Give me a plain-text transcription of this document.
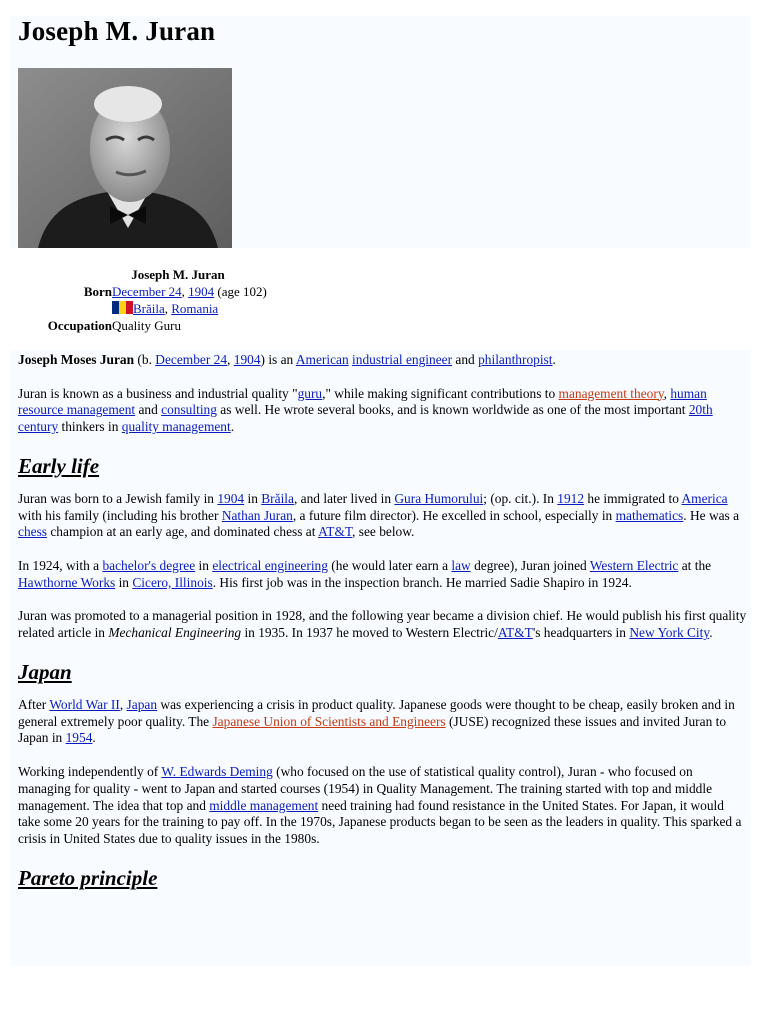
Joseph M. Juran
Joseph M. Juran
BornDecember 24, 1904 (age 102)
Brăila, Romania
OccupationQuality Guru

Joseph Moses Juran (b. December 24, 1904) is an American industrial engineer and philanthropist.

Juran is known as a business and industrial quality "guru," while making significant contributions to management theory, human resource management and consulting as well. He wrote several books, and is known worldwide as one of the most important 20th century thinkers in quality management.

Early life

Juran was born to a Jewish family in 1904 in Brăila, and later lived in Gura Humorului; (op. cit.). In 1912 he immigrated to America with his family (including his brother Nathan Juran, a future film director). He excelled in school, especially in mathematics. He was a chess champion at an early age, and dominated chess at AT&T, see below.

In 1924, with a bachelor's degree in electrical engineering (he would later earn a law degree), Juran joined Western Electric at the Hawthorne Works in Cicero, Illinois. His first job was in the inspection branch. He married Sadie Shapiro in 1924.

Juran was promoted to a managerial position in 1928, and the following year became a division chief. He would publish his first quality related article in Mechanical Engineering in 1935. In 1937 he moved to Western Electric/AT&T's headquarters in New York City.

Japan

After World War II, Japan was experiencing a crisis in product quality. Japanese goods were thought to be cheap, easily broken and in general extremely poor quality. The Japanese Union of Scientists and Engineers (JUSE) recognized these issues and invited Juran to Japan in 1954.

Working independently of W. Edwards Deming (who focused on the use of statistical quality control), Juran - who focused on managing for quality - went to Japan and started courses (1954) in Quality Management. The training started with top and middle management. The idea that top and middle management need training had found resistance in the United States. For Japan, it would take some 20 years for the training to pay off. In the 1970s, Japanese products began to be seen as the leaders in quality. This sparked a crisis in United States due to quality issues in the 1980s.

Pareto principle
